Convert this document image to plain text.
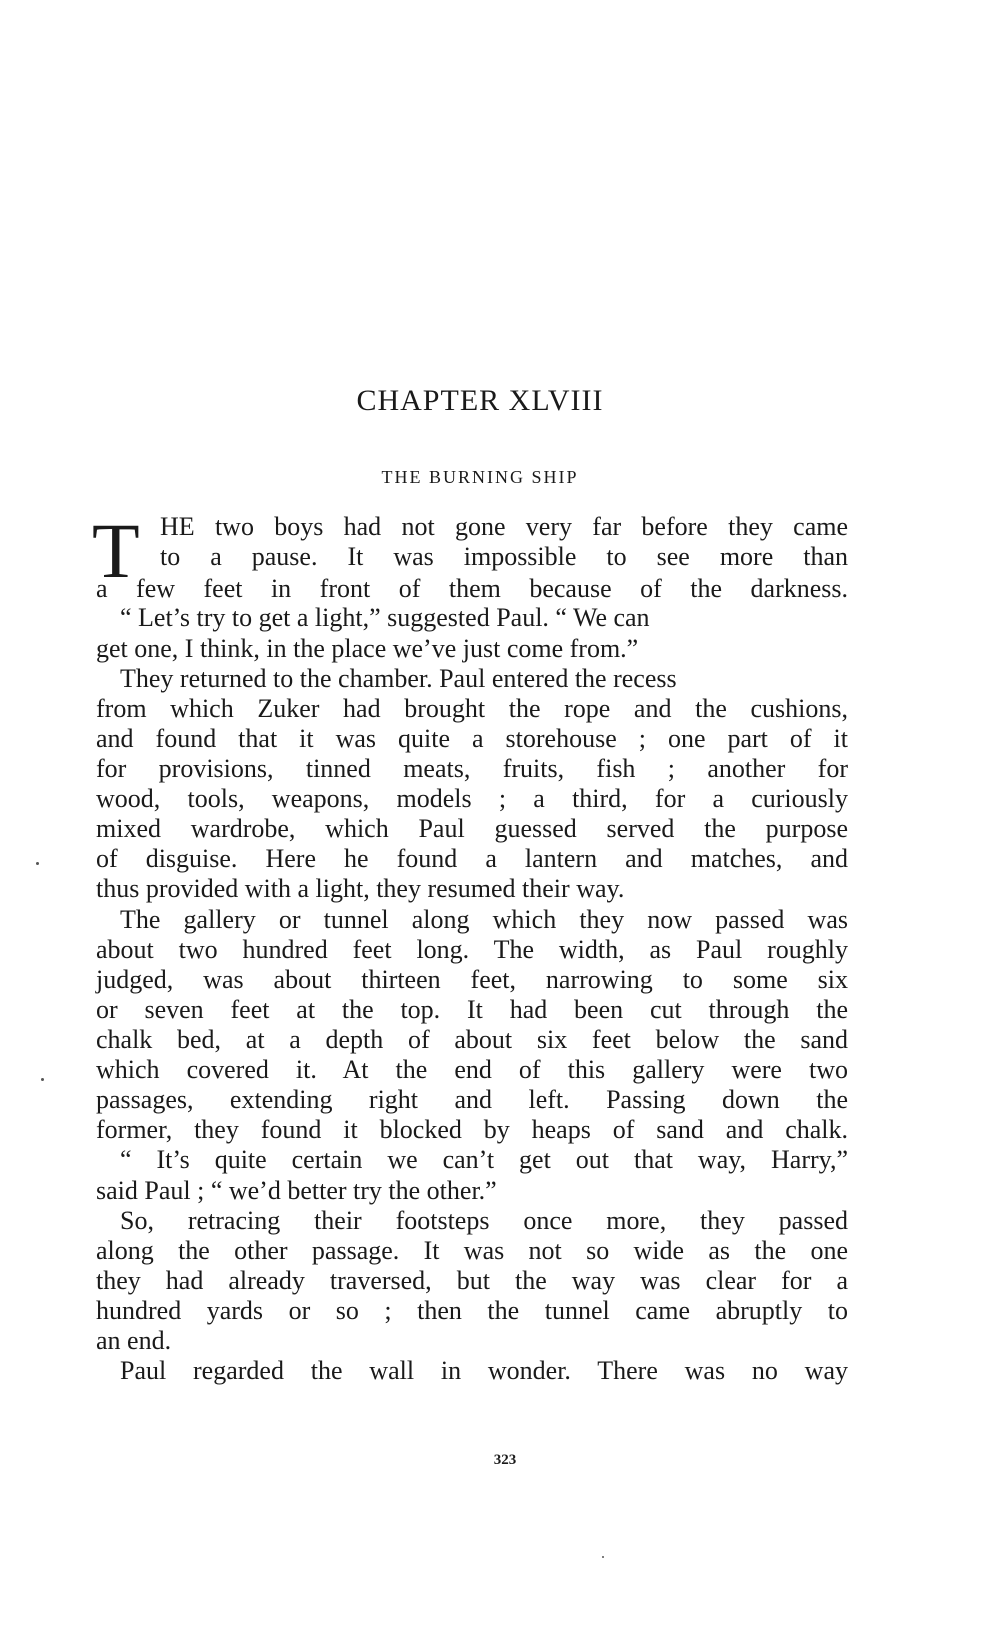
CHAPTER XLVIII
THE BURNING SHIP
T HE two boys had not gone very far before they came
to a pause. It was impossible to see more than
a few feet in front of them because of the darkness.
“ Let’s try to get a light,” suggested Paul. “ We can
get one, I think, in the place we’ve just come from.”
They returned to the chamber. Paul entered the recess
from which Zuker had brought the rope and the cushions,
and found that it was quite a storehouse ; one part of it
for provisions, tinned meats, fruits, fish ; another for
wood, tools, weapons, models ; a third, for a curiously
mixed wardrobe, which Paul guessed served the purpose
of disguise. Here he found a lantern and matches, and
thus provided with a light, they resumed their way.
The gallery or tunnel along which they now passed was
about two hundred feet long. The width, as Paul roughly
judged, was about thirteen feet, narrowing to some six
or seven feet at the top. It had been cut through the
chalk bed, at a depth of about six feet below the sand
which covered it. At the end of this gallery were two
passages, extending right and left. Passing down the
former, they found it blocked by heaps of sand and chalk.
“ It’s quite certain we can’t get out that way, Harry,”
said Paul ; “ we’d better try the other.”
So, retracing their footsteps once more, they passed
along the other passage. It was not so wide as the one
they had already traversed, but the way was clear for a
hundred yards or so ; then the tunnel came abruptly to
an end.
Paul regarded the wall in wonder. There was no way
323
